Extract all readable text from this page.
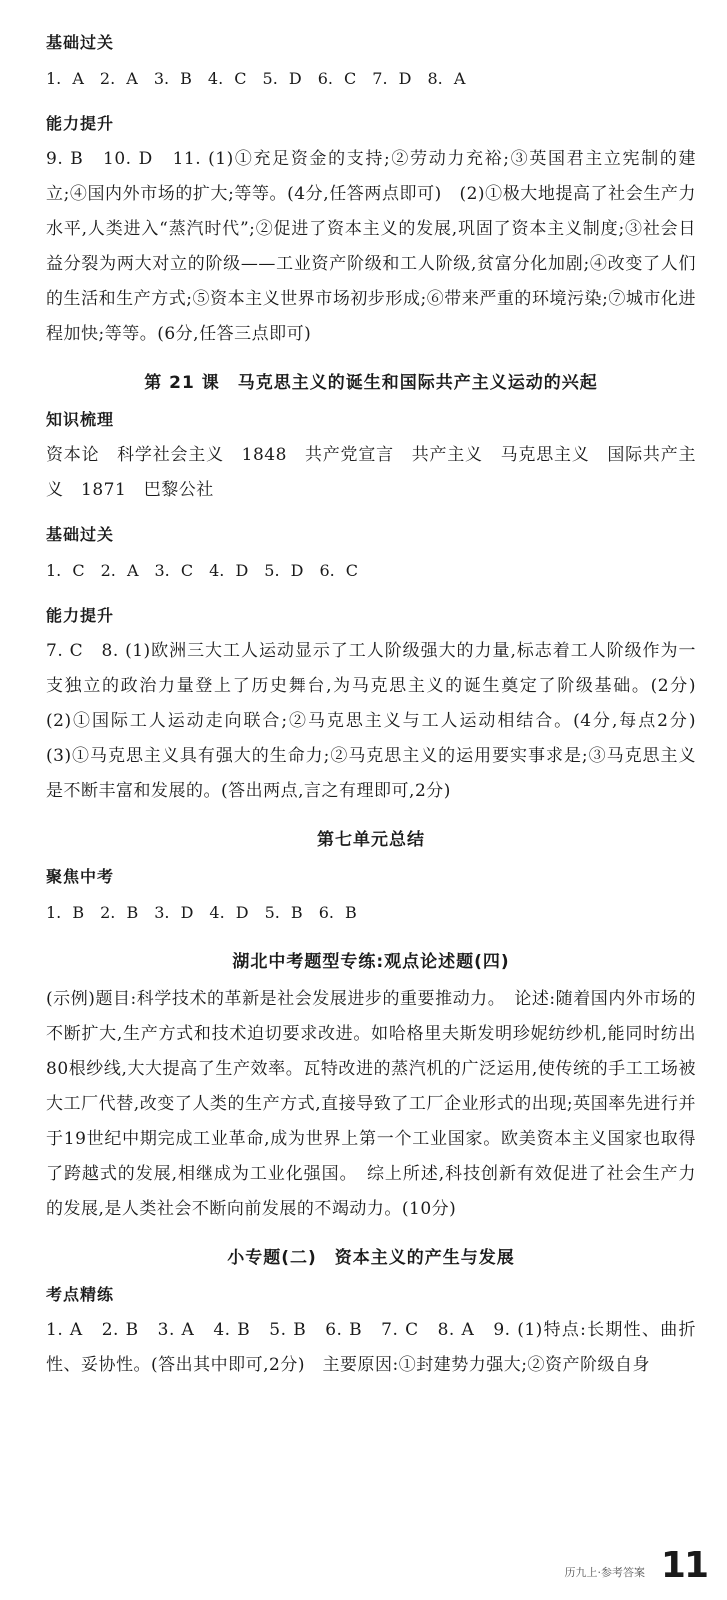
基础过关
1. A　2. A　3. B　4. C　5. D　6. C　7. D　8. A
能力提升
9. B　10. D　11. (1)①充足资金的支持;②劳动力充裕;③英国君主立宪制的建立;④国内外市场的扩大;等等。(4分,任答两点即可)　(2)①极大地提高了社会生产力水平,人类进入“蒸汽时代”;②促进了资本主义的发展,巩固了资本主义制度;③社会日益分裂为两大对立的阶级——工业资产阶级和工人阶级,贫富分化加剧;④改变了人们的生活和生产方式;⑤资本主义世界市场初步形成;⑥带来严重的环境污染;⑦城市化进程加快;等等。(6分,任答三点即可)
第 21 课　马克思主义的诞生和国际共产主义运动的兴起
知识梳理
资本论　科学社会主义　1848　共产党宣言　共产主义　马克思主义　国际共产主义　1871　巴黎公社
基础过关
1. C　2. A　3. C　4. D　5. D　6. C
能力提升
7. C　8. (1)欧洲三大工人运动显示了工人阶级强大的力量,标志着工人阶级作为一支独立的政治力量登上了历史舞台,为马克思主义的诞生奠定了阶级基础。(2分)　(2)①国际工人运动走向联合;②马克思主义与工人运动相结合。(4分,每点2分)　(3)①马克思主义具有强大的生命力;②马克思主义的运用要实事求是;③马克思主义是不断丰富和发展的。(答出两点,言之有理即可,2分)
第七单元总结
聚焦中考
1. B　2. B　3. D　4. D　5. B　6. B
湖北中考题型专练:观点论述题(四)
(示例)题目:科学技术的革新是社会发展进步的重要推动力。　论述:随着国内外市场的不断扩大,生产方式和技术迫切要求改进。如哈格里夫斯发明珍妮纺纱机,能同时纺出80根纱线,大大提高了生产效率。瓦特改进的蒸汽机的广泛运用,使传统的手工工场被大工厂代替,改变了人类的生产方式,直接导致了工厂企业形式的出现;英国率先进行并于19世纪中期完成工业革命,成为世界上第一个工业国家。欧美资本主义国家也取得了跨越式的发展,相继成为工业化强国。　综上所述,科技创新有效促进了社会生产力的发展,是人类社会不断向前发展的不竭动力。(10分)
小专题(二)　资本主义的产生与发展
考点精练
1. A　2. B　3. A　4. B　5. B　6. B　7. C　8. A　9. (1)特点:长期性、曲折性、妥协性。(答出其中即可,2分)　主要原因:①封建势力强大;②资产阶级自身
历九上·参考答案 11
